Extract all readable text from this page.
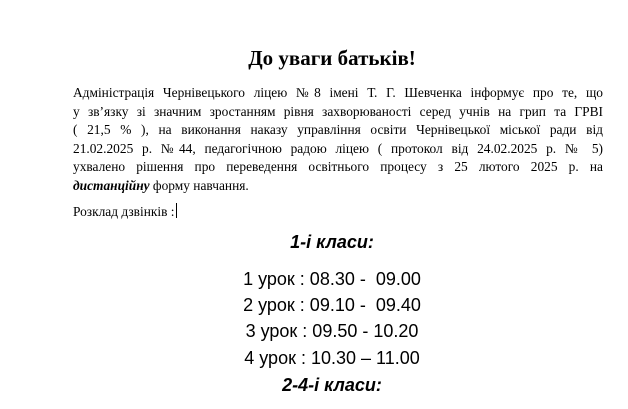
До уваги батьків!
Адміністрація Чернівецького ліцею №8 імені Т. Г. Шевченка інформує про те, що
у зв’язку зі значним зростанням рівня захворюваності серед учнів на грип та ГРВІ
( 21,5 % ), на виконання наказу управління освіти Чернівецької міської ради від
21.02.2025 р. №44, педагогічною радою ліцею ( протокол від 24.02.2025 р. № 5)
ухвалено рішення про переведення освітнього процесу з 25 лютого 2025 р. на
дистанційну форму навчання.
Розклад дзвінків :
1-і класи:
1 урок : 08.30 -  09.00
2 урок : 09.10 -  09.40
3 урок : 09.50 - 10.20
4 урок : 10.30 – 11.00
2-4-і класи:
